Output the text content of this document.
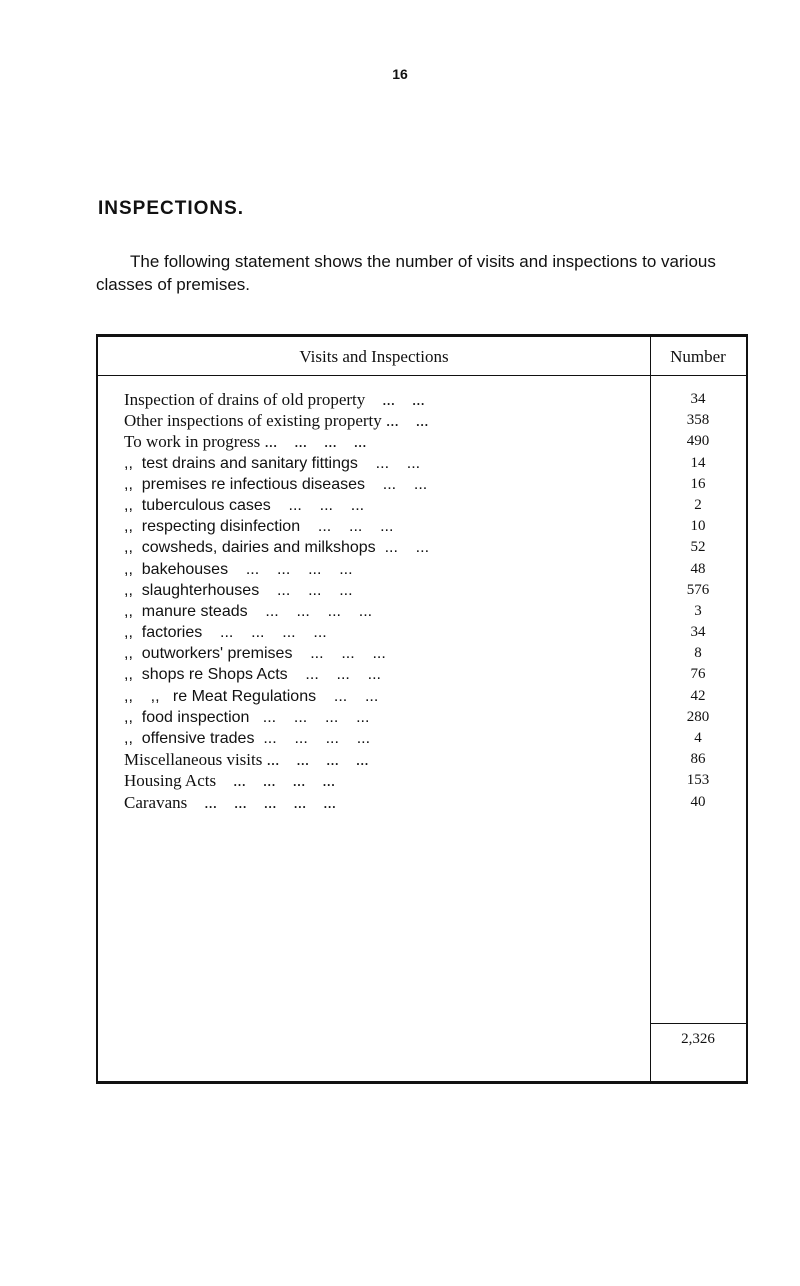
16
INSPECTIONS.
The following statement shows the number of visits and inspections to various classes of premises.
Visits and Inspections	Number
Inspection of drains of old property    ...    ...	34
Other inspections of existing property ...    ...	358
To work in progress ...    ...    ...    ...	490
,,  test drains and sanitary fittings    ...    ...	14
,,  premises re infectious diseases    ...    ...	16
,,  tuberculous cases    ...    ...    ...	2
,,  respecting disinfection    ...    ...    ...	10
,,  cowsheds, dairies and milkshops  ...    ...	52
,,  bakehouses    ...    ...    ...    ...	48
,,  slaughterhouses    ...    ...    ...	576
,,  manure steads    ...    ...    ...    ...	3
,,  factories    ...    ...    ...    ...	34
,,  outworkers' premises    ...    ...    ...	8
,,  shops re Shops Acts    ...    ...    ...	76
,,    ,,   re Meat Regulations    ...    ...	42
,,  food inspection   ...    ...    ...    ...	280
,,  offensive trades  ...    ...    ...    ...	4
Miscellaneous visits ...    ...    ...    ...	86
Housing Acts    ...    ...    ...    ...	153
Caravans    ...    ...    ...    ...    ...	40
2,326
